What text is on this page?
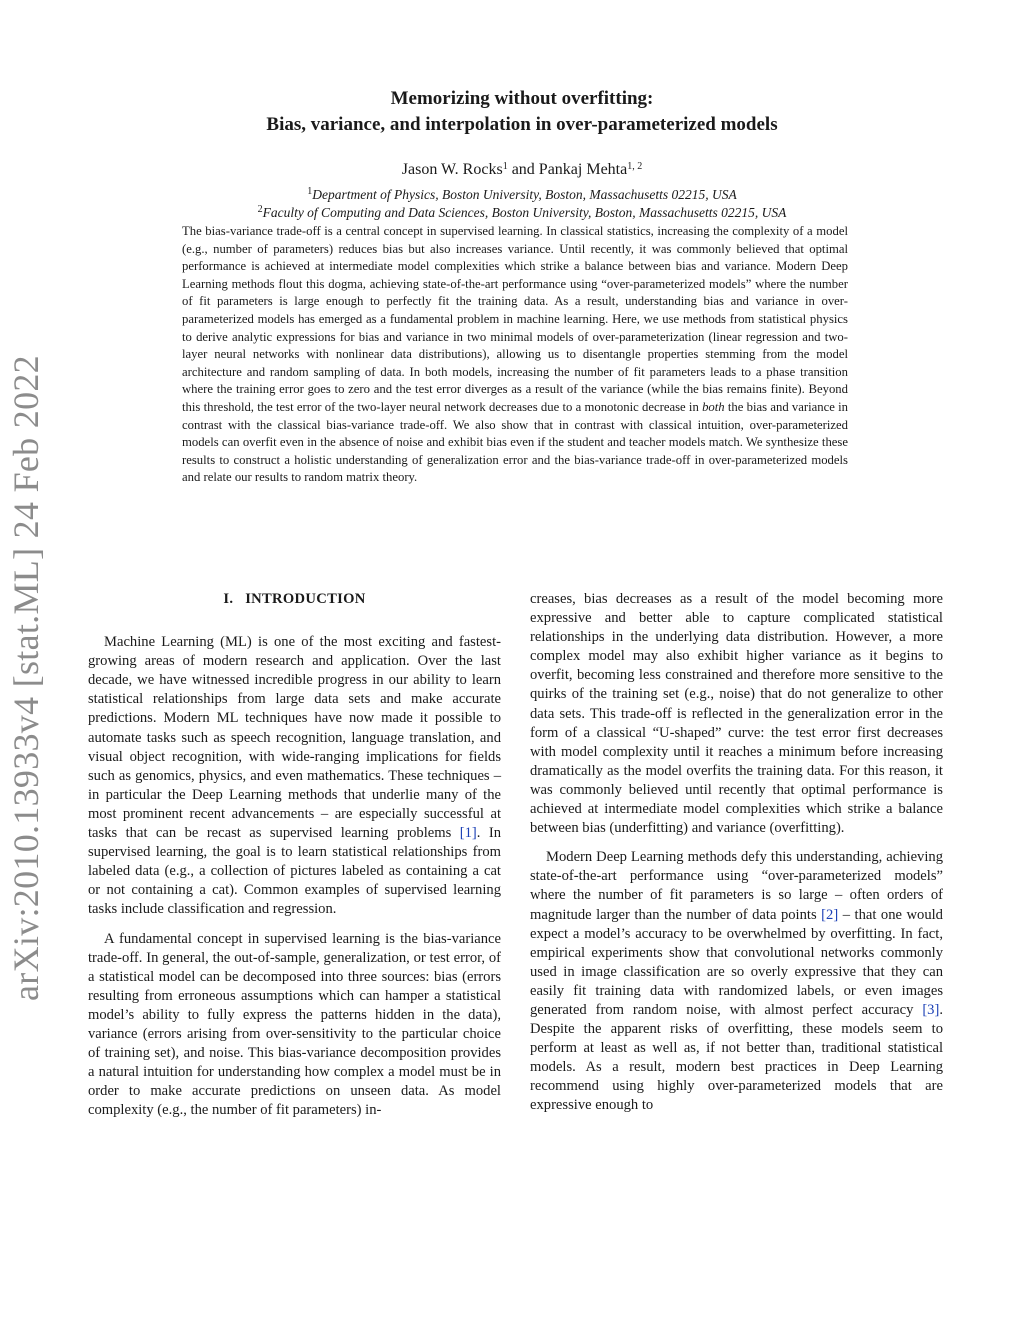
arXiv:2010.13933v4 [stat.ML] 24 Feb 2022
Memorizing without overfitting:
Bias, variance, and interpolation in over-parameterized models
Jason W. Rocks$^1$ and Pankaj Mehta$^{1, 2}$
$^1$Department of Physics, Boston University, Boston, Massachusetts 02215, USA
$^2$Faculty of Computing and Data Sciences, Boston University, Boston, Massachusetts 02215, USA

The bias-variance trade-off is a central concept in supervised learning. In classical statistics, increasing the complexity of a model (e.g., number of parameters) reduces bias but also increases variance. Until recently, it was commonly believed that optimal performance is achieved at intermediate model complexities which strike a balance between bias and variance. Modern Deep Learning methods flout this dogma, achieving state-of-the-art performance using “over-parameterized models” where the number of fit parameters is large enough to perfectly fit the training data. As a result, understanding bias and variance in over-parameterized models has emerged as a fundamental problem in machine learning. Here, we use methods from statistical physics to derive analytic expressions for bias and variance in two minimal models of over-parameterization (linear regression and two-layer neural networks with nonlinear data distributions), allowing us to disentangle properties stemming from the model architecture and random sampling of data. In both models, increasing the number of fit parameters leads to a phase transition where the training error goes to zero and the test error diverges as a result of the variance (while the bias remains finite). Beyond this threshold, the test error of the two-layer neural network decreases due to a monotonic decrease in both the bias and variance in contrast with the classical bias-variance trade-off. We also show that in contrast with classical intuition, over-parameterized models can overfit even in the absence of noise and exhibit bias even if the student and teacher models match. We synthesize these results to construct a holistic understanding of generalization error and the bias-variance trade-off in over-parameterized models and relate our results to random matrix theory.

I. INTRODUCTION

Machine Learning (ML) is one of the most exciting and fastest-growing areas of modern research and application. Over the last decade, we have witnessed incredible progress in our ability to learn statistical relationships from large data sets and make accurate predictions. Modern ML techniques have now made it possible to automate tasks such as speech recognition, language translation, and visual object recognition, with wide-ranging implications for fields such as genomics, physics, and even mathematics. These techniques – in particular the Deep Learning methods that underlie many of the most prominent recent advancements – are especially successful at tasks that can be recast as supervised learning problems [1]. In supervised learning, the goal is to learn statistical relationships from labeled data (e.g., a collection of pictures labeled as containing a cat or not containing a cat). Common examples of supervised learning tasks include classification and regression.

A fundamental concept in supervised learning is the bias-variance trade-off. In general, the out-of-sample, generalization, or test error, of a statistical model can be decomposed into three sources: bias (errors resulting from erroneous assumptions which can hamper a statistical model’s ability to fully express the patterns hidden in the data), variance (errors arising from over-sensitivity to the particular choice of training set), and noise. This bias-variance decomposition provides a natural intuition for understanding how complex a model must be in order to make accurate predictions on unseen data. As model complexity (e.g., the number of fit parameters) in-

creases, bias decreases as a result of the model becoming more expressive and better able to capture complicated statistical relationships in the underlying data distribution. However, a more complex model may also exhibit higher variance as it begins to overfit, becoming less constrained and therefore more sensitive to the quirks of the training set (e.g., noise) that do not generalize to other data sets. This trade-off is reflected in the generalization error in the form of a classical “U-shaped” curve: the test error first decreases with model complexity until it reaches a minimum before increasing dramatically as the model overfits the training data. For this reason, it was commonly believed until recently that optimal performance is achieved at intermediate model complexities which strike a balance between bias (underfitting) and variance (overfitting).

Modern Deep Learning methods defy this understanding, achieving state-of-the-art performance using “over-parameterized models” where the number of fit parameters is so large – often orders of magnitude larger than the number of data points [2] – that one would expect a model’s accuracy to be overwhelmed by overfitting. In fact, empirical experiments show that convolutional networks commonly used in image classification are so overly expressive that they can easily fit training data with randomized labels, or even images generated from random noise, with almost perfect accuracy [3]. Despite the apparent risks of overfitting, these models seem to perform at least as well as, if not better than, traditional statistical models. As a result, modern best practices in Deep Learning recommend using highly over-parameterized models that are expressive enough to
